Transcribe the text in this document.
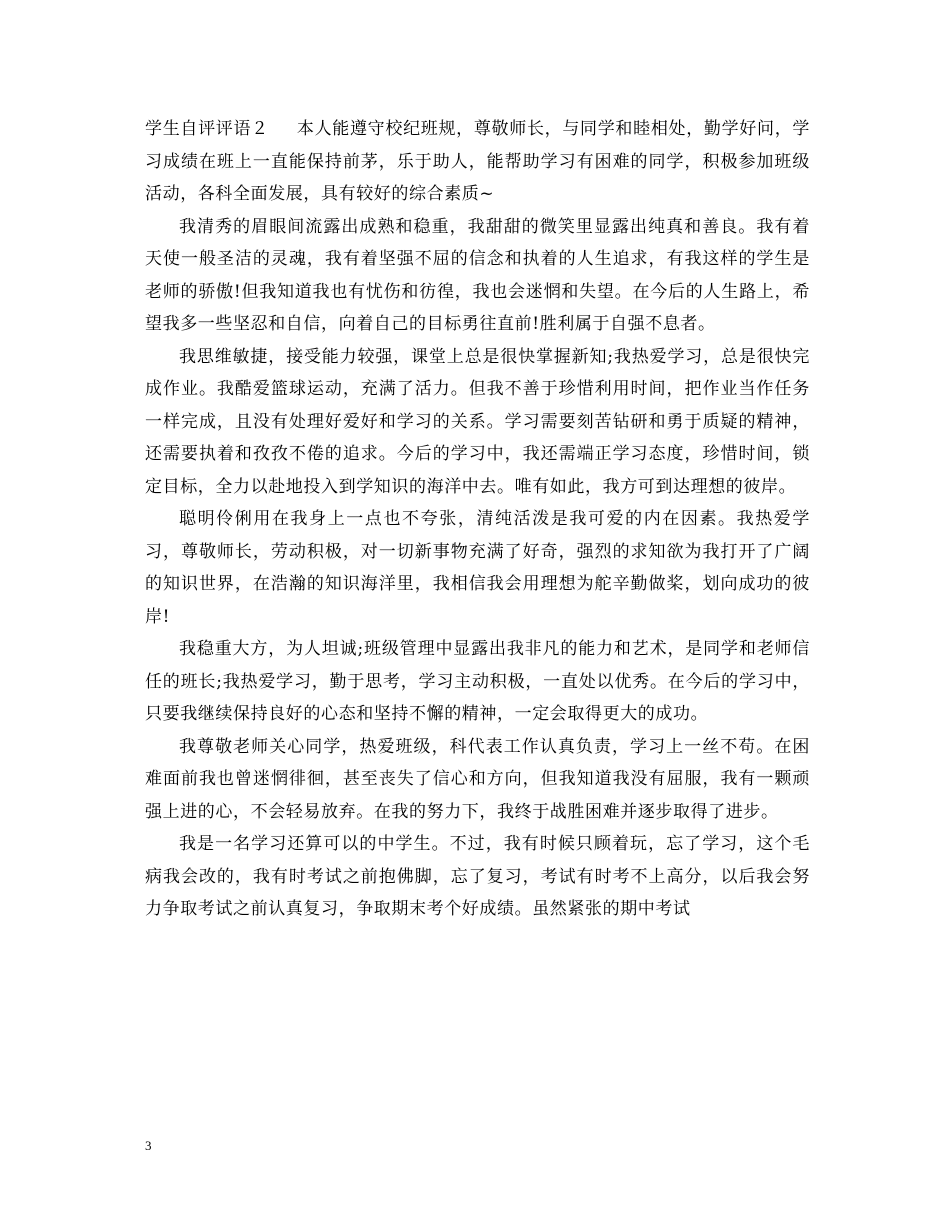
学生自评评语２ 本人能遵守校纪班规，尊敬师长，与同学和睦相处，勤学好问，学习成绩在班上一直能保持前茅，乐于助人，能帮助学习有困难的同学，积极参加班级活动，各科全面发展，具有较好的综合素质~

我清秀的眉眼间流露出成熟和稳重，我甜甜的微笑里显露出纯真和善良。我有着天使一般圣洁的灵魂，我有着坚强不屈的信念和执着的人生追求，有我这样的学生是老师的骄傲!但我知道我也有忧伤和彷徨，我也会迷惘和失望。在今后的人生路上，希望我多一些坚忍和自信，向着自己的目标勇往直前!胜利属于自强不息者。

我思维敏捷，接受能力较强，课堂上总是很快掌握新知;我热爱学习，总是很快完成作业。我酷爱篮球运动，充满了活力。但我不善于珍惜利用时间，把作业当作任务一样完成，且没有处理好爱好和学习的关系。学习需要刻苦钻研和勇于质疑的精神，还需要执着和孜孜不倦的追求。今后的学习中，我还需端正学习态度，珍惜时间，锁定目标，全力以赴地投入到学知识的海洋中去。唯有如此，我方可到达理想的彼岸。

聪明伶俐用在我身上一点也不夸张，清纯活泼是我可爱的内在因素。我热爱学习，尊敬师长，劳动积极，对一切新事物充满了好奇，强烈的求知欲为我打开了广阔的知识世界，在浩瀚的知识海洋里，我相信我会用理想为舵辛勤做桨，划向成功的彼岸!

我稳重大方，为人坦诚;班级管理中显露出我非凡的能力和艺术，是同学和老师信任的班长;我热爱学习，勤于思考，学习主动积极，一直处以优秀。在今后的学习中，只要我继续保持良好的心态和坚持不懈的精神，一定会取得更大的成功。

我尊敬老师关心同学，热爱班级，科代表工作认真负责，学习上一丝不苟。在困难面前我也曾迷惘徘徊，甚至丧失了信心和方向，但我知道我没有屈服，我有一颗顽强上进的心，不会轻易放弃。在我的努力下，我终于战胜困难并逐步取得了进步。

我是一名学习还算可以的中学生。不过，我有时候只顾着玩，忘了学习，这个毛病我会改的，我有时考试之前抱佛脚，忘了复习，考试有时考不上高分，以后我会努力争取考试之前认真复习，争取期末考个好成绩。虽然紧张的期中考试

3
